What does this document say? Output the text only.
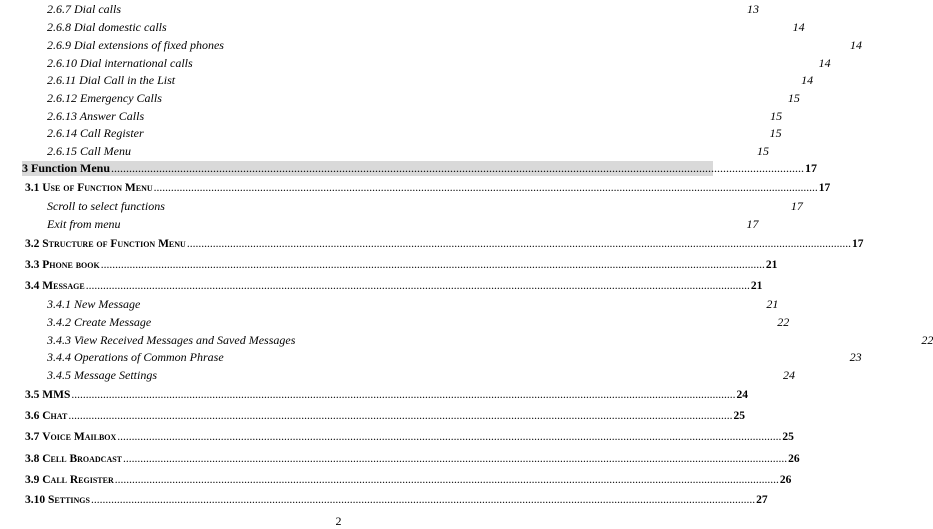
2.6.7 Dial calls	13
2.6.8 Dial domestic calls	14
2.6.9 Dial extensions of fixed phones	14
2.6.10 Dial international calls	14
2.6.11 Dial Call in the List	14
2.6.12 Emergency Calls	15
2.6.13 Answer Calls	15
2.6.14 Call Register	15
2.6.15 Call Menu	15
3 Function Menu ....................................................................................................................................................................................................................................... 17
3.1 Use of Function Menu ....................................................................................................................................................................................................................................... 17
Scroll to select functions	17
Exit from menu	17
3.2 Structure of Function Menu ....................................................................................................................................................................................................................................... 17
3.3 Phone book ....................................................................................................................................................................................................................................... 21
3.4 Message ....................................................................................................................................................................................................................................... 21
3.4.1 New Message	21
3.4.2 Create Message	22
3.4.3 View Received Messages and Saved Messages	22
3.4.4 Operations of Common Phrase	23
3.4.5 Message Settings	24
3.5 MMS ....................................................................................................................................................................................................................................... 24
3.6 Chat ....................................................................................................................................................................................................................................... 25
3.7 Voice Mailbox ....................................................................................................................................................................................................................................... 25
3.8 Cell Broadcast ....................................................................................................................................................................................................................................... 26
3.9 Call Register ....................................................................................................................................................................................................................................... 26
3.10 Settings ....................................................................................................................................................................................................................................... 27
2
